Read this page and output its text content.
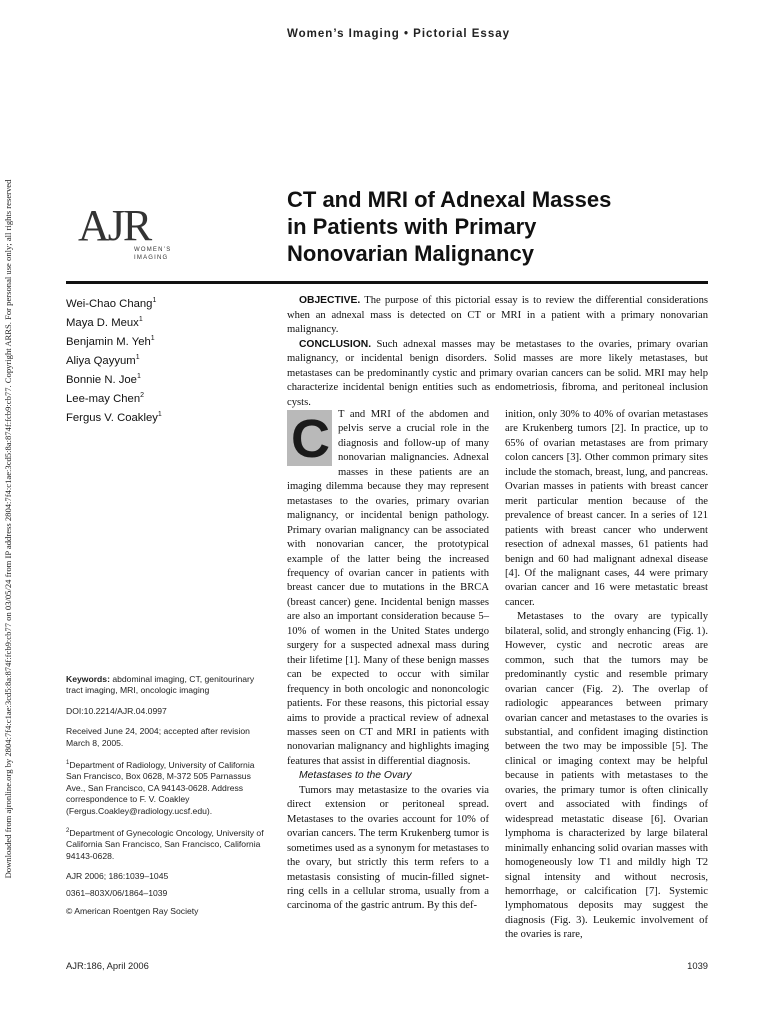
Downloaded from ajronline.org by 2804:7f4:c1ae:3cd5:8a:874f:fcb9:cb77 on 03/05/24 from IP address 2804:7f4:c1ae:3cd5:8a:874f:fcb9:cb77. Copyright ARRS. For personal use only; all rights reserved
Women’s Imaging • Pictorial Essay
AJR
WOMEN’S
IMAGING
CT and MRI of Adnexal Masses
in Patients with Primary
Nonovarian Malignancy
Wei-Chao Chang$^1$
Maya D. Meux$^1$
Benjamin M. Yeh$^1$
Aliya Qayyum$^1$
Bonnie N. Joe$^1$
Lee-may Chen$^2$
Fergus V. Coakley$^1$

OBJECTIVE. The purpose of this pictorial essay is to review the differential considerations when an adnexal mass is detected on CT or MRI in a patient with a primary nonovarian malignancy.

CONCLUSION. Such adnexal masses may be metastases to the ovaries, primary ovarian malignancy, or incidental benign disorders. Solid masses are more likely metastases, but metastases can be predominantly cystic and primary ovarian cancers can be solid. MRI may help characterize incidental benign entities such as endometriosis, fibroma, and peritoneal inclusion cysts.

C T and MRI of the abdomen and pelvis serve a crucial role in the diagnosis and follow-up of many nonovarian malignancies. Adnexal masses in these patients are an imaging dilemma because they may represent metastases to the ovaries, primary ovarian malignancy, or incidental benign pathology. Primary ovarian malignancy can be associated with nonovarian cancer, the prototypical example of the latter being the increased frequency of ovarian cancer in patients with breast cancer due to mutations in the BRCA (breast cancer) gene. Incidental benign masses are also an important consideration because 5–10% of women in the United States undergo surgery for a suspected adnexal mass during their lifetime [1]. Many of these benign masses can be expected to occur with similar frequency in both oncologic and nononcologic patients. For these reasons, this pictorial essay aims to provide a practical review of adnexal masses seen on CT and MRI in patients with nonovarian malignancy and highlights imaging features that assist in differential diagnosis.

Metastases to the Ovary

Tumors may metastasize to the ovaries via direct extension or peritoneal spread. Metastases to the ovaries account for 10% of ovarian cancers. The term Krukenberg tumor is sometimes used as a synonym for metastases to the ovary, but strictly this term refers to a metastasis consisting of mucin-filled signet-ring cells in a cellular stroma, usually from a carcinoma of the gastric antrum. By this def-

inition, only 30% to 40% of ovarian metastases are Krukenberg tumors [2]. In practice, up to 65% of ovarian metastases are from primary colon cancers [3]. Other common primary sites include the stomach, breast, lung, and pancreas. Ovarian masses in patients with breast cancer merit particular mention because of the prevalence of breast cancer. In a series of 121 patients with breast cancer who underwent resection of adnexal masses, 61 patients had benign and 60 had malignant adnexal disease [4]. Of the malignant cases, 44 were primary ovarian cancer and 16 were metastatic breast cancer.

Metastases to the ovary are typically bilateral, solid, and strongly enhancing (Fig. 1). However, cystic and necrotic areas are common, such that the tumors may be predominantly cystic and resemble primary ovarian cancer (Fig. 2). The overlap of radiologic appearances between primary ovarian cancer and metastases to the ovaries is substantial, and confident imaging distinction between the two may be impossible [5]. The clinical or imaging context may be helpful because in patients with metastases to the ovaries, the primary tumor is often clinically overt and associated with findings of widespread metastatic disease [6]. Ovarian lymphoma is characterized by large bilateral minimally enhancing solid ovarian masses with homogeneously low T1 and mildly high T2 signal intensity and without necrosis, hemorrhage, or calcification [7]. Systemic lymphomatous deposits may suggest the diagnosis (Fig. 3). Leukemic involvement of the ovaries is rare,

Keywords: abdominal imaging, CT, genitourinary tract imaging, MRI, oncologic imaging

DOI:10.2214/AJR.04.0997

Received June 24, 2004; accepted after revision March 8, 2005.

$^1$Department of Radiology, University of California San Francisco, Box 0628, M-372 505 Parnassus Ave., San Francisco, CA 94143-0628. Address correspondence to F. V. Coakley (Fergus.Coakley@radiology.ucsf.edu).

$^2$Department of Gynecologic Oncology, University of California San Francisco, San Francisco, California 94143-0628.

AJR 2006; 186:1039–1045

0361–803X/06/1864–1039

© American Roentgen Ray Society

AJR:186, April 2006	1039
